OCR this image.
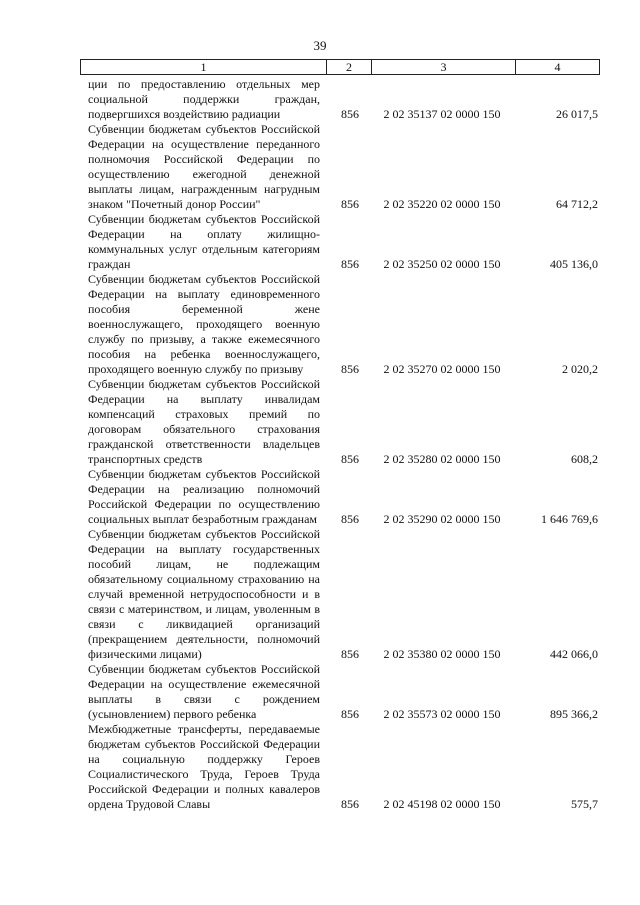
39
1	2	3	4
ции по предоставлению отдельных мер социальной поддержки граждан, подвергшихся воздействию радиации	856	2 02 35137 02 0000 150	26 017,5
Субвенции бюджетам субъектов Российской Федерации на осуществление переданного полномочия Российской Федерации по осуществлению ежегодной денежной выплаты лицам, награжденным нагрудным знаком "Почетный донор России"	856	2 02 35220 02 0000 150	64 712,2
Субвенции бюджетам субъектов Российской Федерации на оплату жилищно-коммунальных услуг отдельным категориям граждан	856	2 02 35250 02 0000 150	405 136,0
Субвенции бюджетам субъектов Российской Федерации на выплату единовременного пособия беременной жене военнослужащего, проходящего военную службу по призыву, а также ежемесячного пособия на ребенка военнослужащего, проходящего военную службу по призыву	856	2 02 35270 02 0000 150	2 020,2
Субвенции бюджетам субъектов Российской Федерации на выплату инвалидам компенсаций страховых премий по договорам обязательного страхования гражданской ответственности владельцев транспортных средств	856	2 02 35280 02 0000 150	608,2
Субвенции бюджетам субъектов Российской Федерации на реализацию полномочий Российской Федерации по осуществлению социальных выплат безработным гражданам	856	2 02 35290 02 0000 150	1 646 769,6
Субвенции бюджетам субъектов Российской Федерации на выплату государственных пособий лицам, не подлежащим обязательному социальному страхованию на случай временной нетрудоспособности и в связи с материнством, и лицам, уволенным в связи с ликвидацией организаций (прекращением деятельности, полномочий физическими лицами)	856	2 02 35380 02 0000 150	442 066,0
Субвенции бюджетам субъектов Российской Федерации на осуществление ежемесячной выплаты в связи с рождением (усыновлением) первого ребенка	856	2 02 35573 02 0000 150	895 366,2
Межбюджетные трансферты, передаваемые бюджетам субъектов Российской Федерации на социальную поддержку Героев Социалистического Труда, Героев Труда Российской Федерации и полных кавалеров ордена Трудовой Славы	856	2 02 45198 02 0000 150	575,7
